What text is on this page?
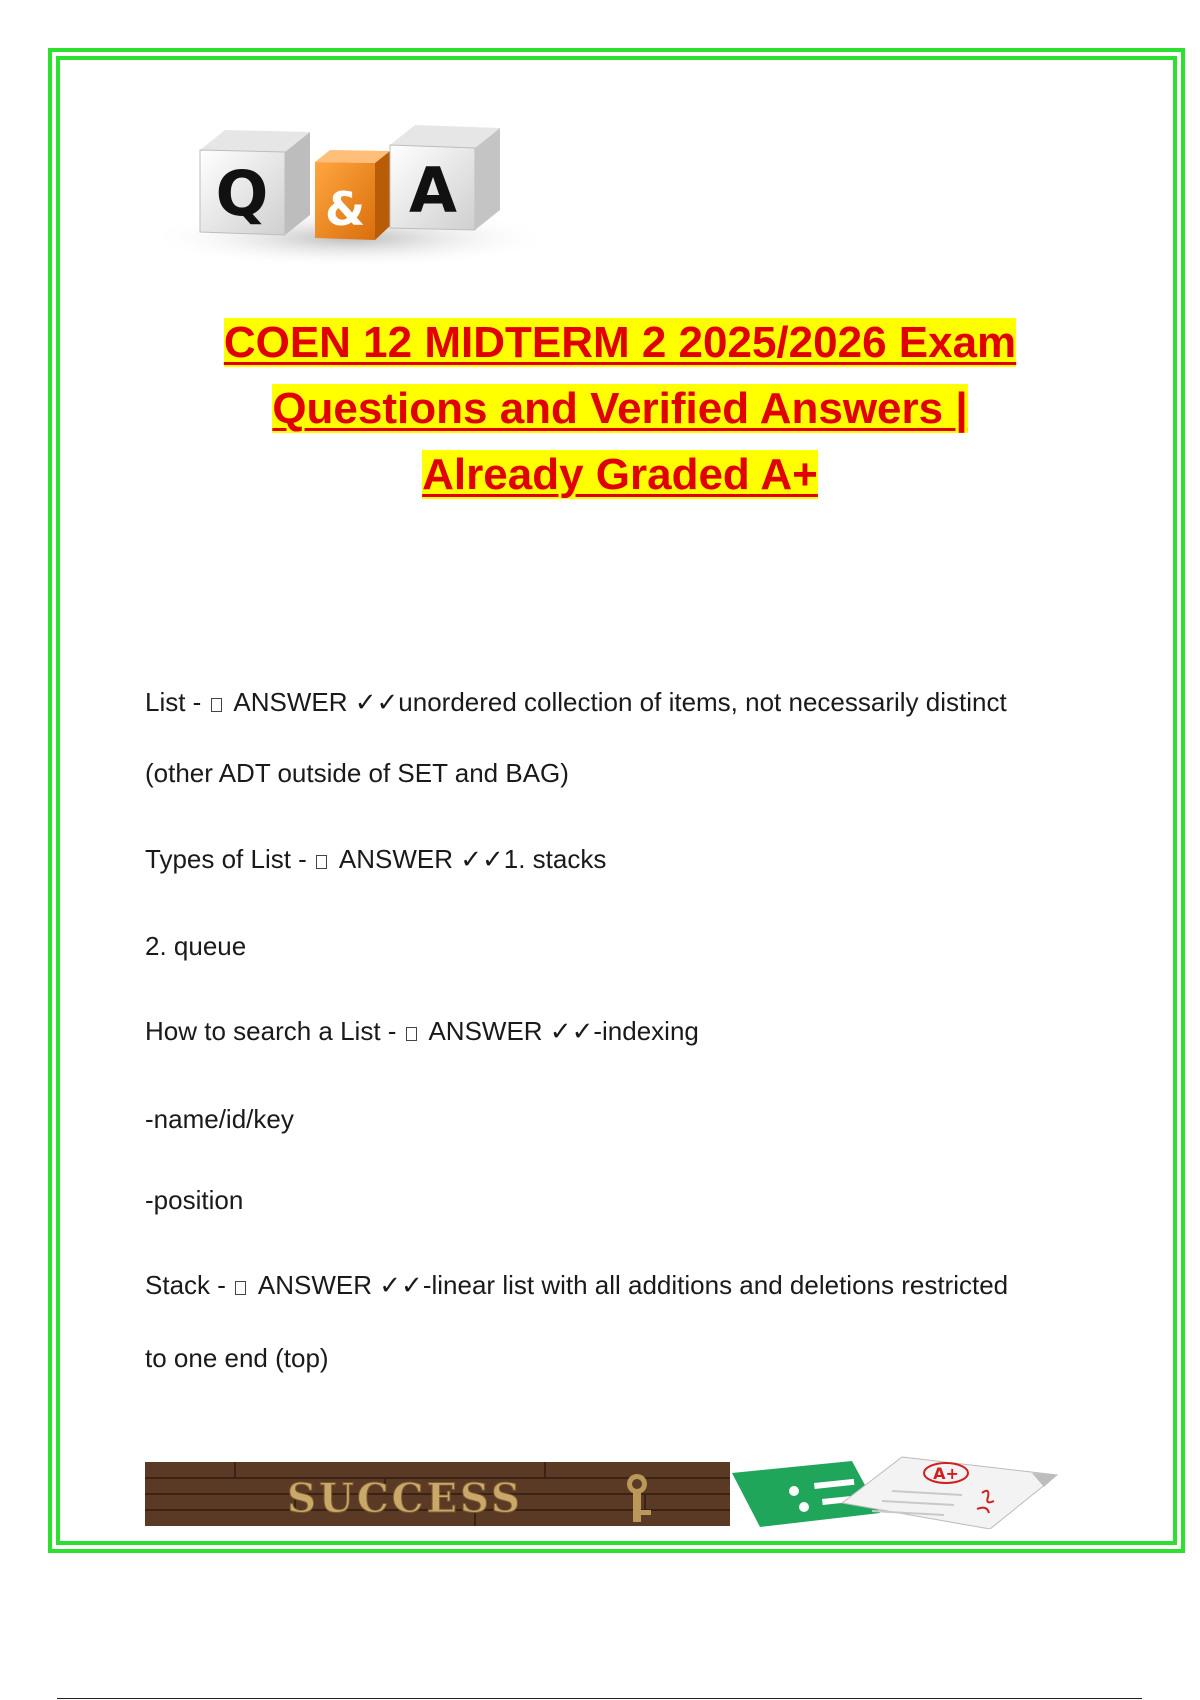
Q & A
COEN 12 MIDTERM 2 2025/2026 Exam
Questions and Verified Answers |
Already Graded A+
List -  ANSWER ✓✓unordered collection of items, not necessarily distinct
(other ADT outside of SET and BAG)
Types of List -  ANSWER ✓✓1. stacks
2. queue
How to search a List -  ANSWER ✓✓-indexing
-name/id/key
-position
Stack -  ANSWER ✓✓-linear list with all additions and deletions restricted
to one end (top)
SUCCESS
A+
